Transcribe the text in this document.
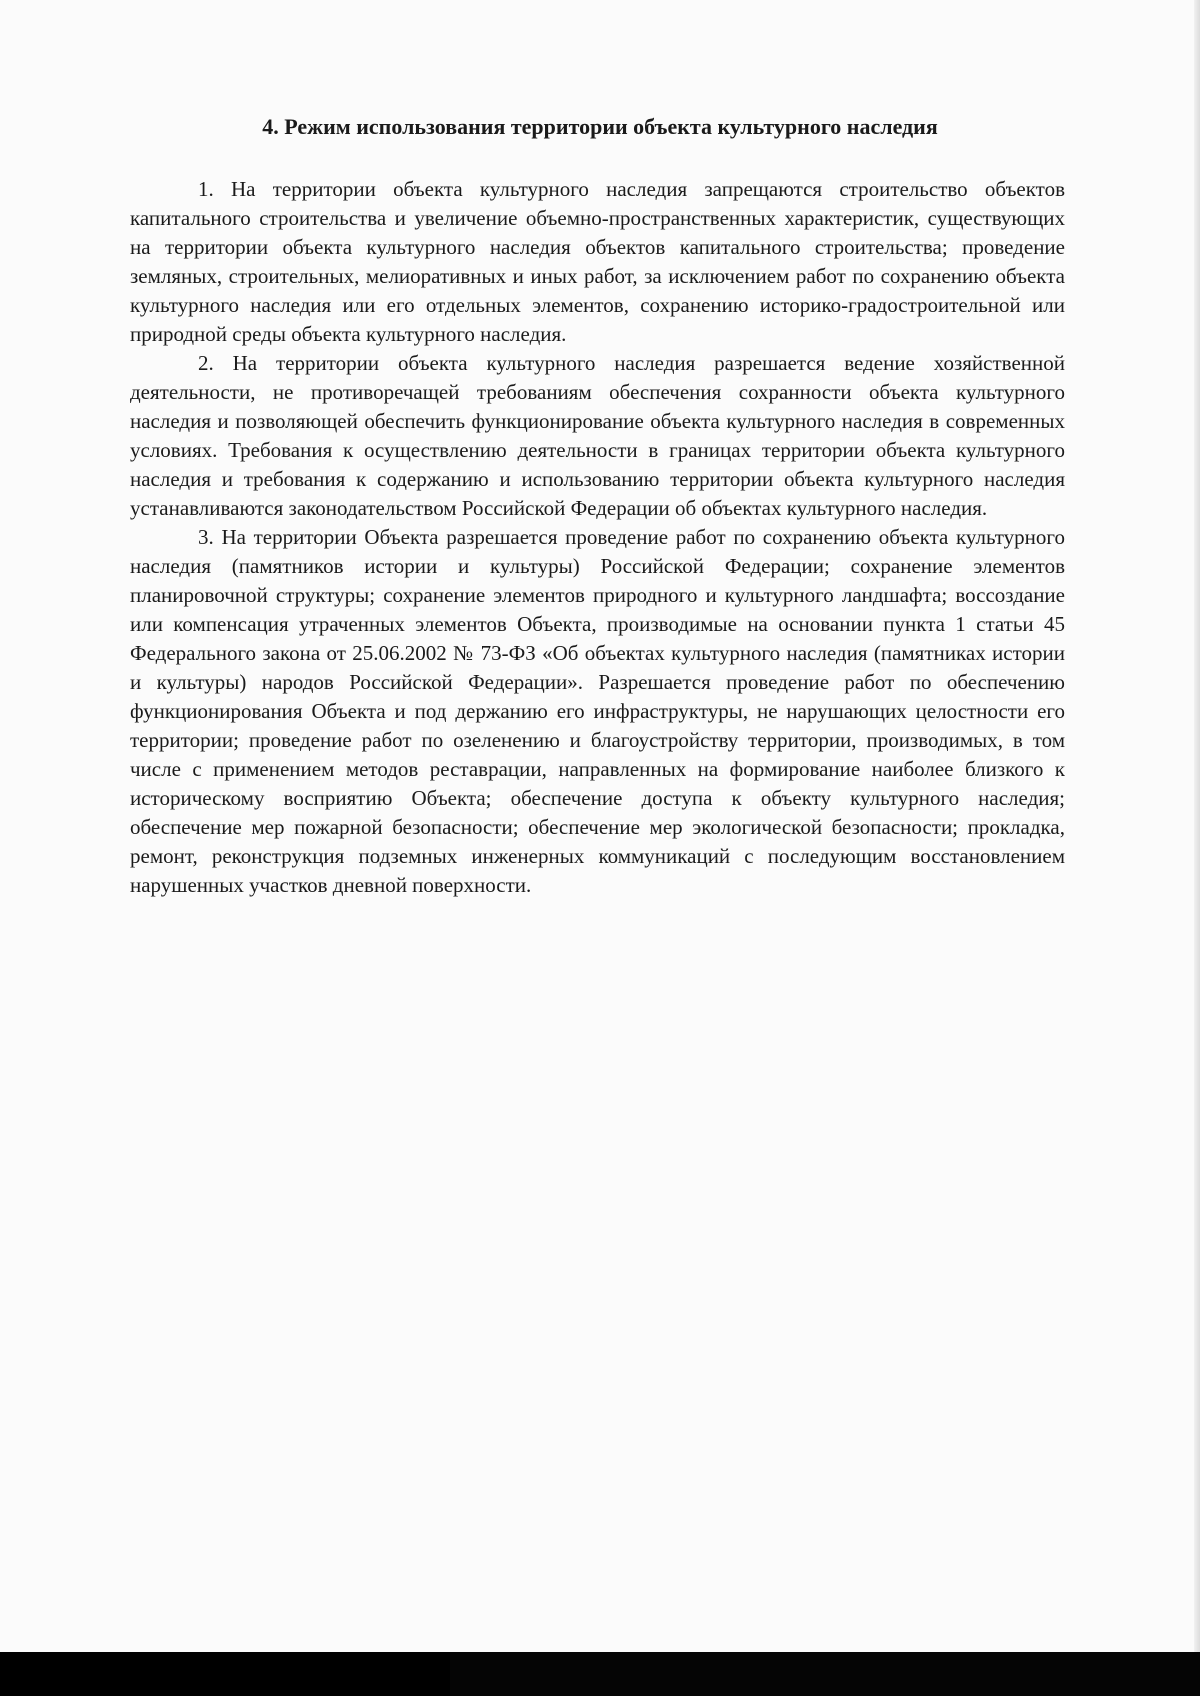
4. Режим использования территории объекта культурного наследия

1. На территории объекта культурного наследия запрещаются строительство объектов капитального строительства и увеличение объемно-пространственных характеристик, существующих на территории объекта культурного наследия объектов капитального строительства; проведение земляных, строительных, мелиоративных и иных работ, за исключением работ по сохранению объекта культурного наследия или его отдельных элементов, сохранению историко-градостроительной или природной среды объекта культурного наследия.

2. На территории объекта культурного наследия разрешается ведение хозяйственной деятельности, не противоречащей требованиям обеспечения сохранности объекта культурного наследия и позволяющей обеспечить функционирование объекта культурного наследия в современных условиях. Требования к осуществлению деятельности в границах территории объекта культурного наследия и требования к содержанию и использованию территории объекта культурного наследия устанавливаются законодательством Российской Федерации об объектах культурного наследия.

3. На территории Объекта разрешается проведение работ по сохранению объекта культурного наследия (памятников истории и культуры) Российской Федерации; сохранение элементов планировочной структуры; сохранение элементов природного и культурного ландшафта; воссоздание или компенсация утраченных элементов Объекта, производимые на основании пункта 1 статьи 45 Федерального закона от 25.06.2002 № 73-ФЗ «Об объектах культурного наследия (памятниках истории и культуры) народов Российской Федерации». Разрешается проведение работ по обеспечению функционирования Объекта и под держанию его инфраструктуры, не нарушающих целостности его территории; проведение работ по озеленению и благоустройству территории, производимых, в том числе с применением методов реставрации, направленных на формирование наиболее близкого к историческому восприятию Объекта; обеспечение доступа к объекту культурного наследия; обеспечение мер пожарной безопасности; обеспечение мер экологической безопасности; прокладка, ремонт, реконструкция подземных инженерных коммуникаций с последующим восстановлением нарушенных участков дневной поверхности.
